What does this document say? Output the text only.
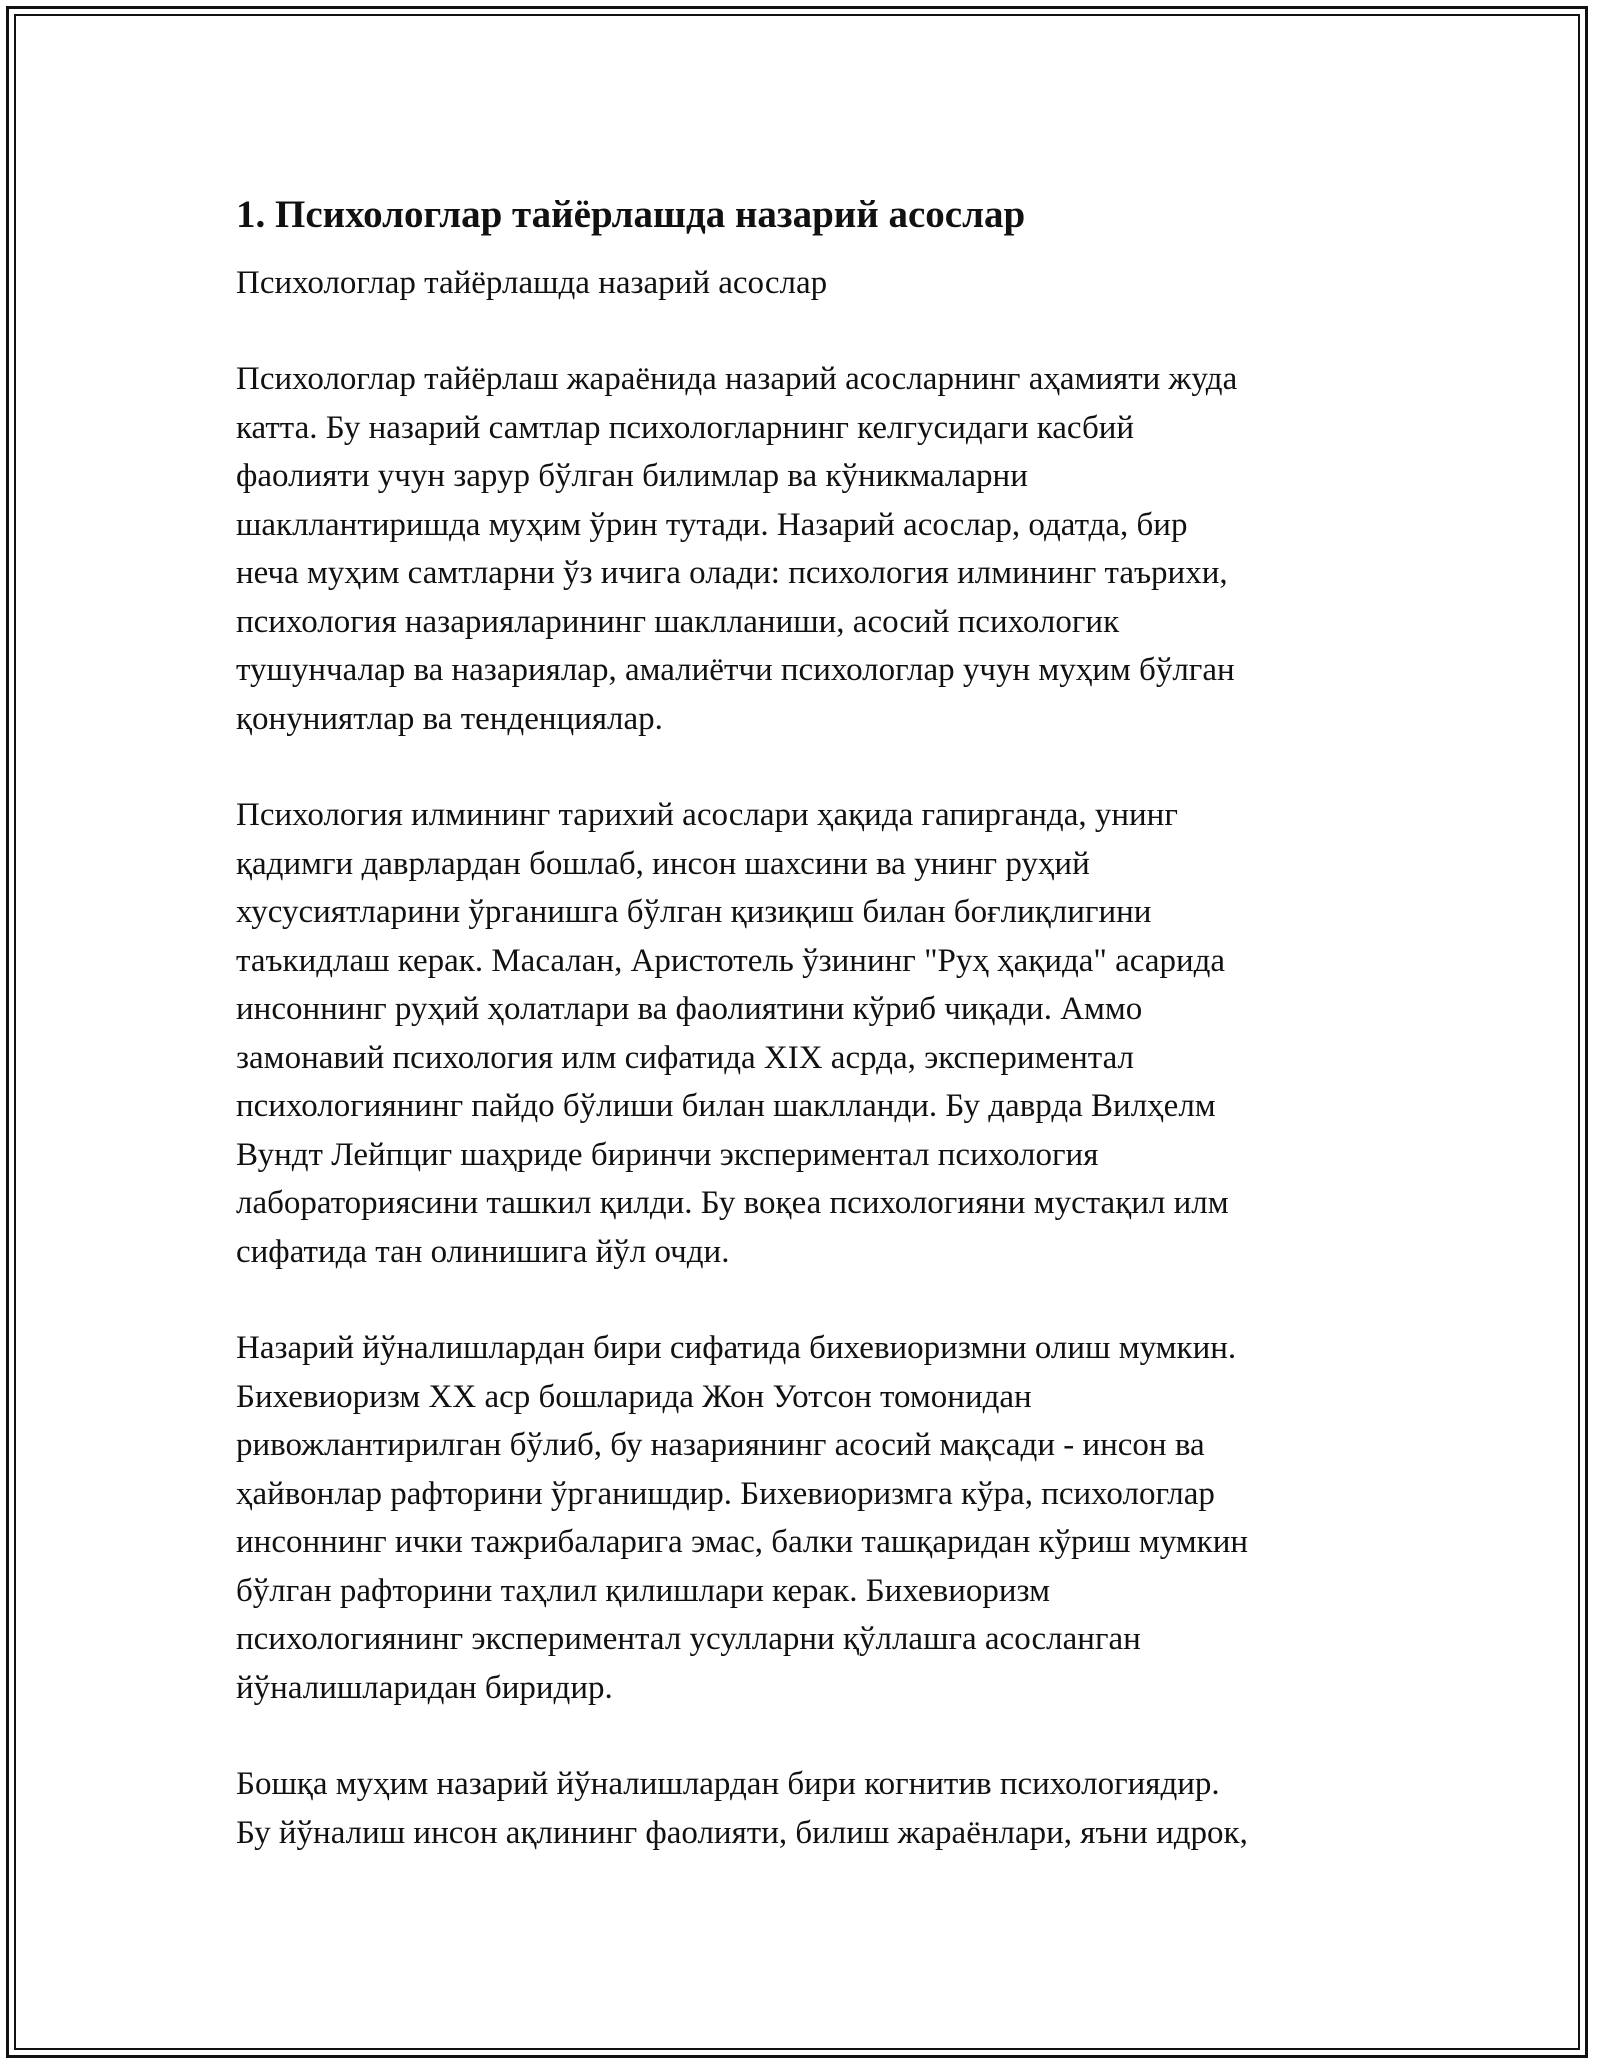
1. Психологлар тайёрлашда назарий асослар

Психологлар тайёрлашда назарий асослар

Психологлар тайёрлаш жараёнида назарий асосларнинг аҳамияти жуда
катта. Бу назарий самтлар психологларнинг келгусидаги касбий
фаолияти учун зарур бўлган билимлар ва кўникмаларни
шакллантиришда муҳим ўрин тутади. Назарий асослар, одатда, бир
неча муҳим самтларни ўз ичига олади: психология илмининг таърихи,
психология назарияларининг шаклланиши, асосий психологик
тушунчалар ва назариялар, амалиётчи психологлар учун муҳим бўлган
қонуниятлар ва тенденциялар.

Психология илмининг тарихий асослари ҳақида гапирганда, унинг
қадимги даврлардан бошлаб, инсон шахсини ва унинг руҳий
хусусиятларини ўрганишга бўлган қизиқиш билан боғлиқлигини
таъкидлаш керак. Масалан, Аристотель ўзининг "Руҳ ҳақида" асарида
инсоннинг руҳий ҳолатлари ва фаолиятини кўриб чиқади. Аммо
замонавий психология илм сифатида XIX асрда, экспериментал
психологиянинг пайдо бўлиши билан шаклланди. Бу даврда Вилҳелм
Вундт Лейпциг шаҳриде биринчи экспериментал психология
лабораториясини ташкил қилди. Бу воқеа психологияни мустақил илм
сифатида тан олинишига йўл очди.

Назарий йўналишлардан бири сифатида бихевиоризмни олиш мумкин.
Бихевиоризм XX аср бошларида Жон Уотсон томонидан
ривожлантирилган бўлиб, бу назариянинг асосий мақсади - инсон ва
ҳайвонлар рафторини ўрганишдир. Бихевиоризмга кўра, психологлар
инсоннинг ички тажрибаларига эмас, балки ташқаридан кўриш мумкин
бўлган рафторини таҳлил қилишлари керак. Бихевиоризм
психологиянинг экспериментал усулларни қўллашга асосланган
йўналишларидан биридир.

Бошқа муҳим назарий йўналишлардан бири когнитив психологиядир.
Бу йўналиш инсон ақлининг фаолияти, билиш жараёнлари, яъни идрок,
